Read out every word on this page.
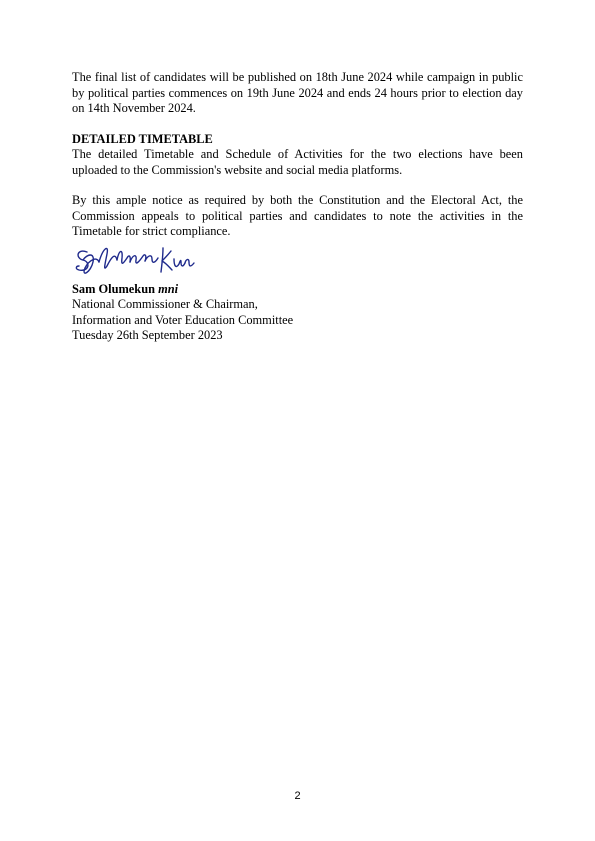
The final list of candidates will be published on 18th June 2024 while campaign in public by political parties commences on 19th June 2024 and ends 24 hours prior to election day on 14th November 2024.

DETAILED TIMETABLE

The detailed Timetable and Schedule of Activities for the two elections have been uploaded to the Commission's website and social media platforms.

By this ample notice as required by both the Constitution and the Electoral Act, the Commission appeals to political parties and candidates to note the activities in the Timetable for strict compliance.

Sam Olumekun mni

National Commissioner & Chairman,

Information and Voter Education Committee

Tuesday 26th September 2023

2
